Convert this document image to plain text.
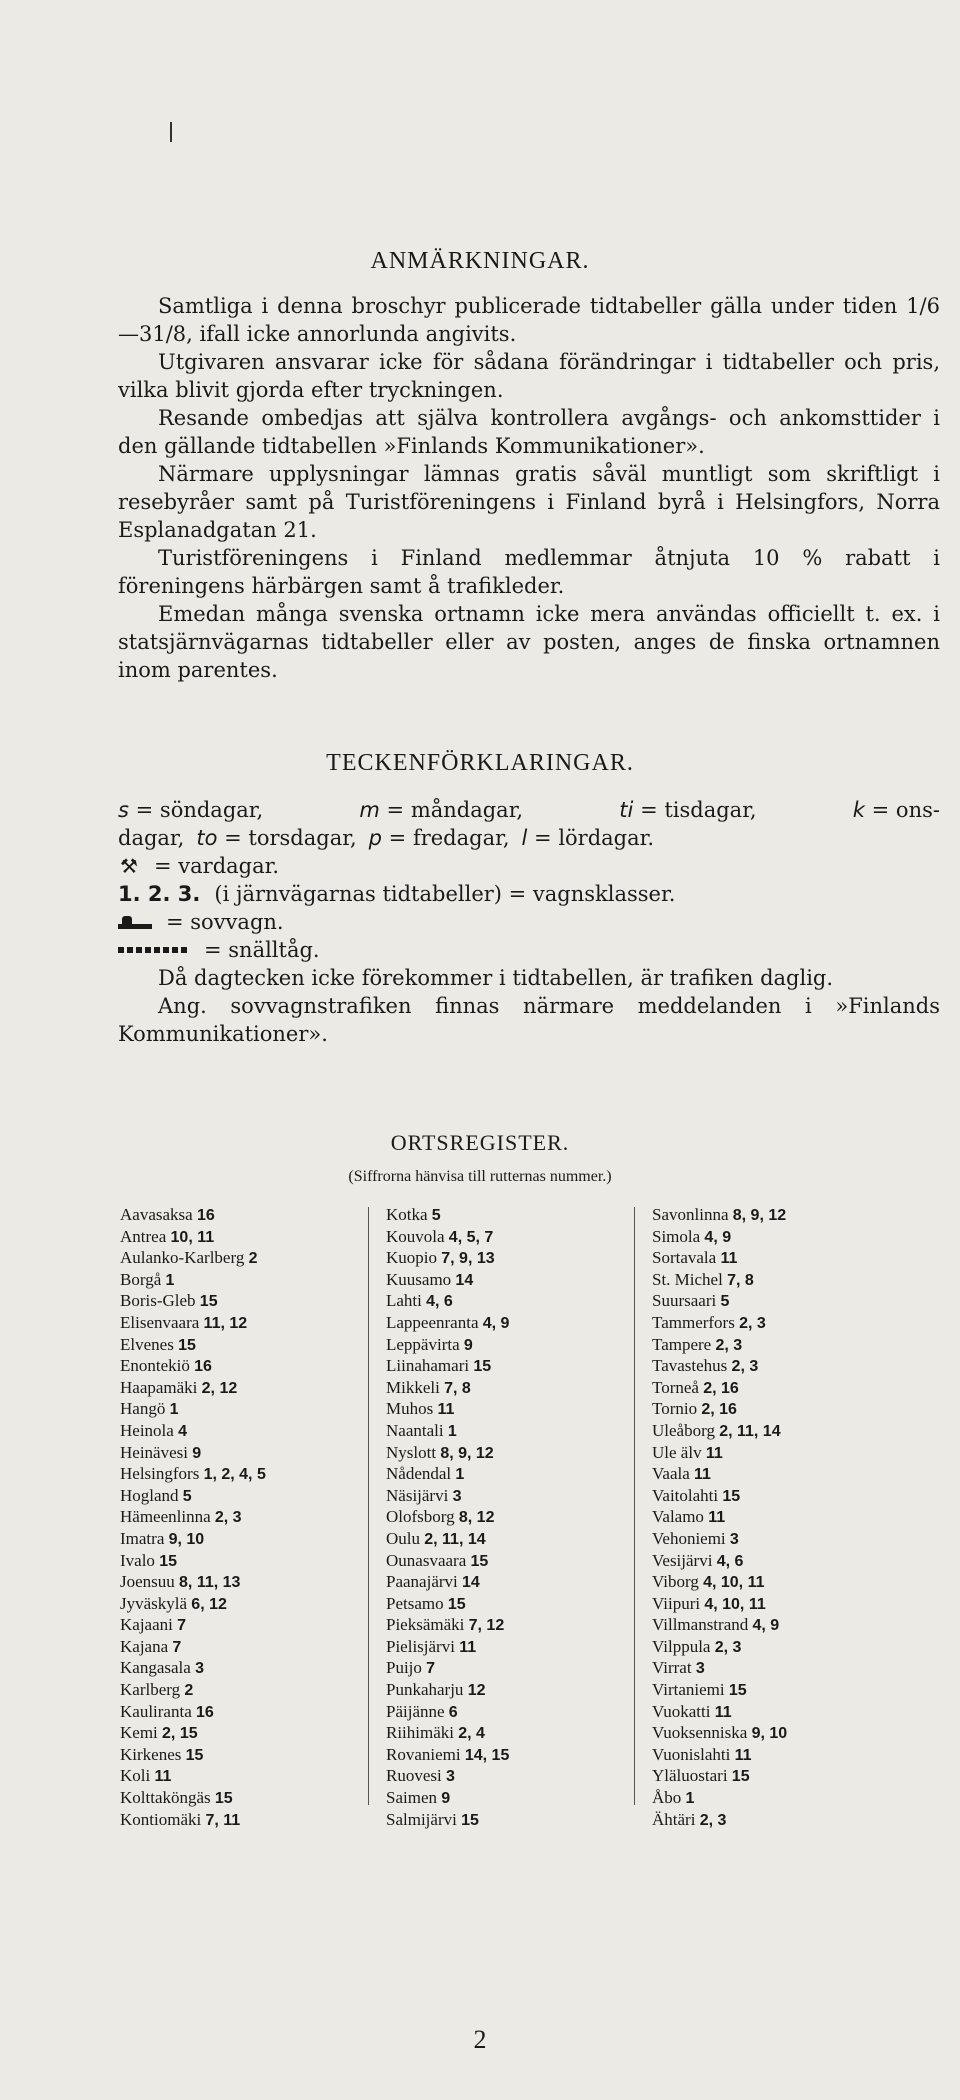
ANMÄRKNINGAR.

Samtliga i denna broschyr publicerade tidtabeller gälla under tiden 1/6—31/8, ifall icke annorlunda angivits.

Utgivaren ansvarar icke för sådana förändringar i tidtabeller och pris, vilka blivit gjorda efter tryckningen.

Resande ombedjas att själva kontrollera avgångs- och ankomsttider i den gällande tidtabellen »Finlands Kommunikationer».

Närmare upplysningar lämnas gratis såväl muntligt som skriftligt i resebyråer samt på Turistföreningens i Finland byrå i Helsingfors, Norra Esplanadgatan 21.

Turistföreningens i Finland medlemmar åtnjuta 10 % rabatt i föreningens härbärgen samt å trafikleder.

Emedan många svenska ortnamn icke mera användas officiellt t. ex. i statsjärnvägarnas tidtabeller eller av posten, anges de finska ortnamnen inom parentes.

TECKENFÖRKLARINGAR.
s = söndagar,	m = måndagar,	ti = tisdagar,	k = ons-
dagar, to = torsdagar, p = fredagar, l = lördagar.
⚒ = vardagar.
1. 2. 3. (i järnvägarnas tidtabeller) = vagnsklasser.
= sovvagn.
= snälltåg.
Då dagtecken icke förekommer i tidtabellen, är trafiken daglig.
Ang. sovvagnstrafiken finnas närmare meddelanden i »Finlands Kommunikationer».
ORTSREGISTER.
(Siffrorna hänvisa till rutternas nummer.)
Aavasaksa 16
Antrea 10, 11
Aulanko-Karlberg 2
Borgå 1
Boris-Gleb 15
Elisenvaara 11, 12
Elvenes 15
Enontekiö 16
Haapamäki 2, 12
Hangö 1
Heinola 4
Heinävesi 9
Helsingfors 1, 2, 4, 5
Hogland 5
Hämeenlinna 2, 3
Imatra 9, 10
Ivalo 15
Joensuu 8, 11, 13
Jyväskylä 6, 12
Kajaani 7
Kajana 7
Kangasala 3
Karlberg 2
Kauliranta 16
Kemi 2, 15
Kirkenes 15
Koli 11
Kolttaköngäs 15
Kontiomäki 7, 11
Kotka 5
Kouvola 4, 5, 7
Kuopio 7, 9, 13
Kuusamo 14
Lahti 4, 6
Lappeenranta 4, 9
Leppävirta 9
Liinahamari 15
Mikkeli 7, 8
Muhos 11
Naantali 1
Nyslott 8, 9, 12
Nådendal 1
Näsijärvi 3
Olofsborg 8, 12
Oulu 2, 11, 14
Ounasvaara 15
Paanajärvi 14
Petsamo 15
Pieksämäki 7, 12
Pielisjärvi 11
Puijo 7
Punkaharju 12
Päijänne 6
Riihimäki 2, 4
Rovaniemi 14, 15
Ruovesi 3
Saimen 9
Salmijärvi 15
Savonlinna 8, 9, 12
Simola 4, 9
Sortavala 11
St. Michel 7, 8
Suursaari 5
Tammerfors 2, 3
Tampere 2, 3
Tavastehus 2, 3
Torneå 2, 16
Tornio 2, 16
Uleåborg 2, 11, 14
Ule älv 11
Vaala 11
Vaitolahti 15
Valamo 11
Vehoniemi 3
Vesijärvi 4, 6
Viborg 4, 10, 11
Viipuri 4, 10, 11
Villmanstrand 4, 9
Vilppula 2, 3
Virrat 3
Virtaniemi 15
Vuokatti 11
Vuoksenniska 9, 10
Vuonislahti 11
Yläluostari 15
Åbo 1
Ähtäri 2, 3
2
